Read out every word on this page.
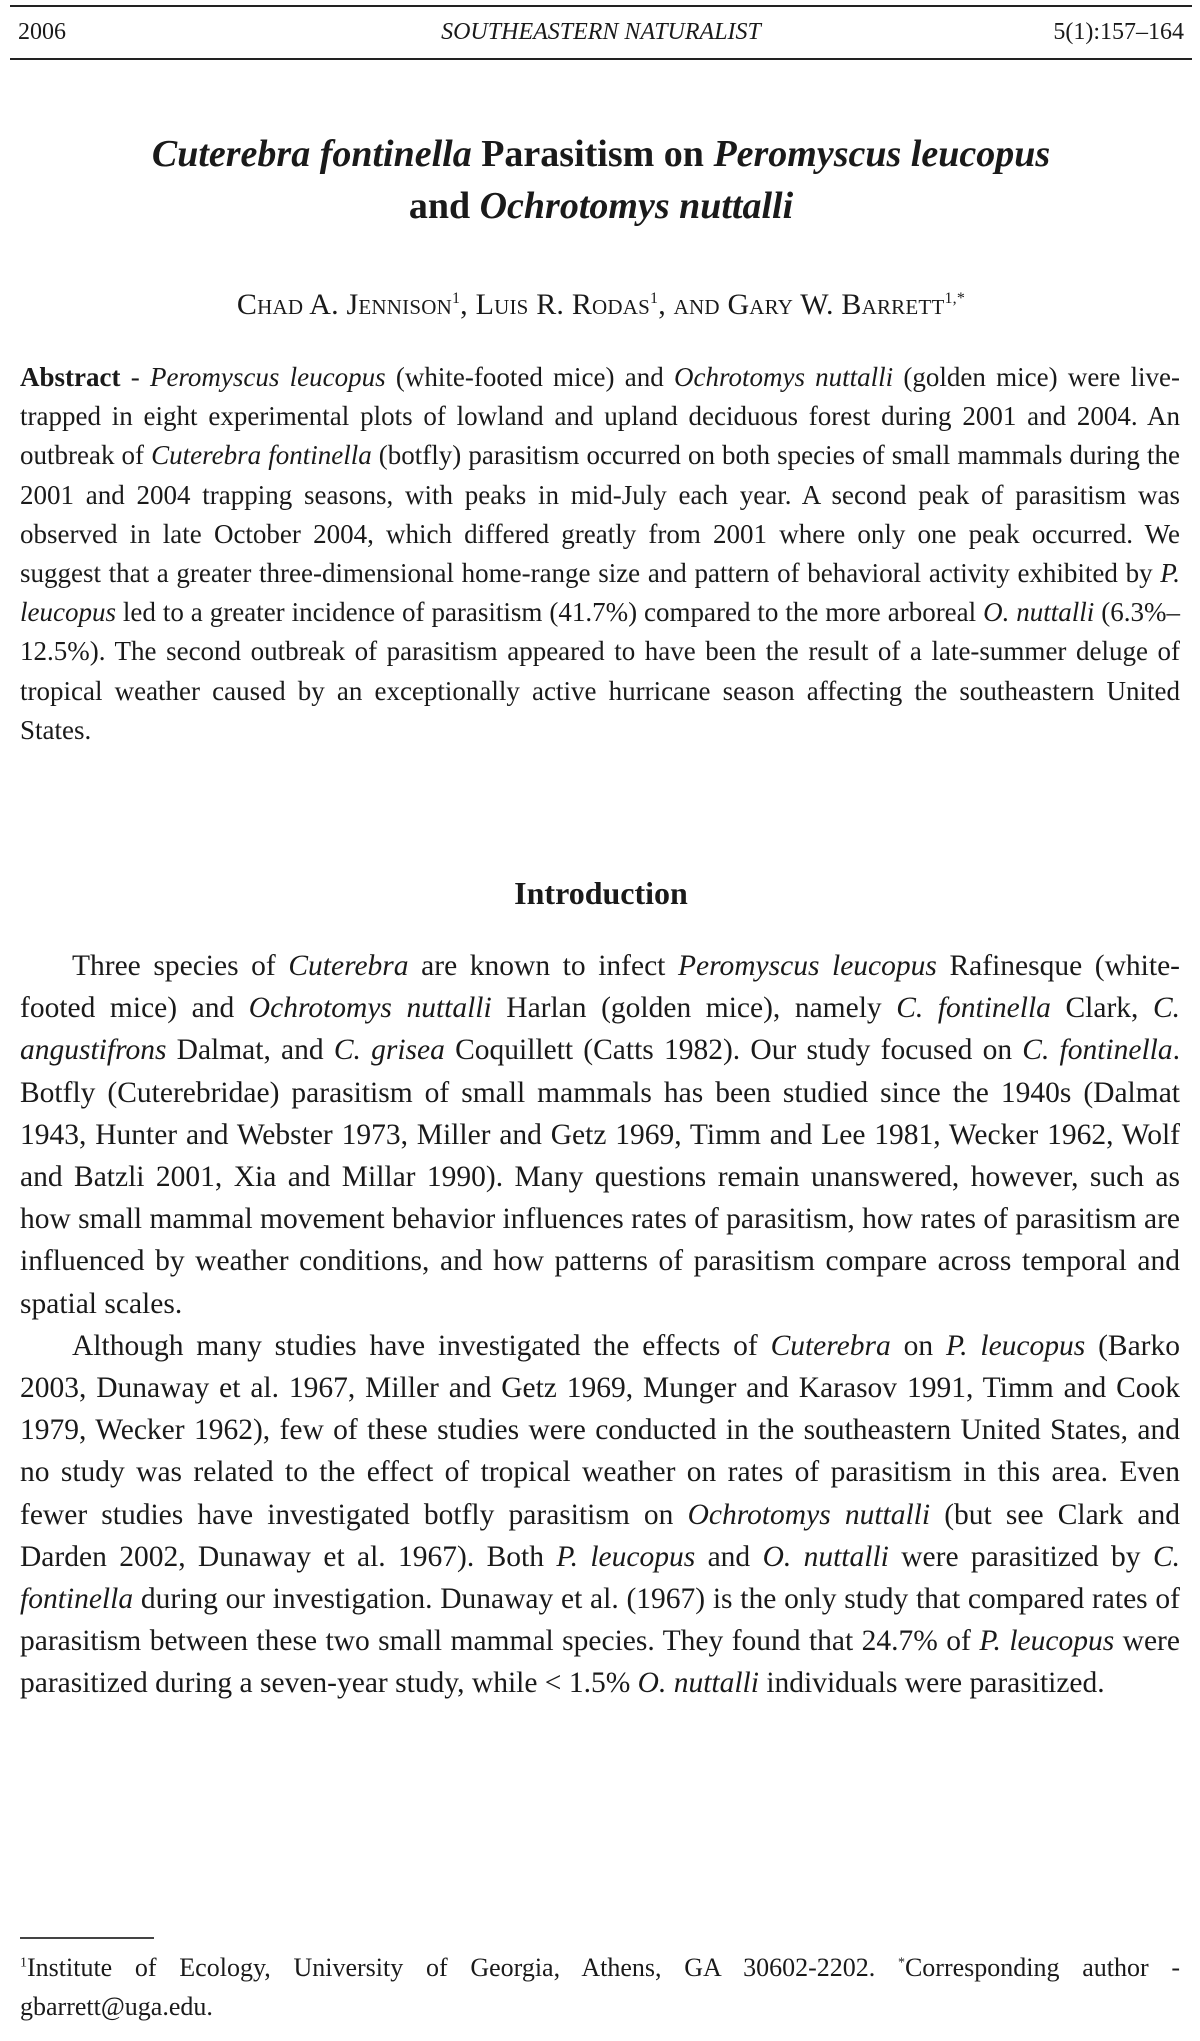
2006	SOUTHEASTERN NATURALIST	5(1):157–164
Cuterebra fontinella Parasitism on Peromyscus leucopus
and Ochrotomys nuttalli
Chad A. Jennison$^1$, Luis R. Rodas$^1$, and Gary W. Barrett$^{1,*}$
Abstract - Peromyscus leucopus (white-footed mice) and Ochrotomys nuttalli (golden mice) were live-trapped in eight experimental plots of lowland and upland deciduous forest during 2001 and 2004. An outbreak of Cuterebra fontinella (botfly) parasitism occurred on both species of small mammals during the 2001 and 2004 trapping seasons, with peaks in mid-July each year. A second peak of parasitism was observed in late October 2004, which differed greatly from 2001 where only one peak occurred. We suggest that a greater three-dimensional home-range size and pattern of behavioral activity exhibited by P. leucopus led to a greater incidence of parasitism (41.7%) compared to the more arboreal O. nuttalli (6.3%–12.5%). The second outbreak of parasitism appeared to have been the result of a late-summer deluge of tropical weather caused by an exceptionally active hurricane season affecting the southeastern United States.
Introduction

Three species of Cuterebra are known to infect Peromyscus leucopus Rafinesque (white-footed mice) and Ochrotomys nuttalli Harlan (golden mice), namely C. fontinella Clark, C. angustifrons Dalmat, and C. grisea Coquillett (Catts 1982). Our study focused on C. fontinella. Botfly (Cuterebridae) parasitism of small mammals has been studied since the 1940s (Dalmat 1943, Hunter and Webster 1973, Miller and Getz 1969, Timm and Lee 1981, Wecker 1962, Wolf and Batzli 2001, Xia and Millar 1990). Many questions remain unanswered, however, such as how small mammal movement behavior influences rates of parasitism, how rates of parasitism are influenced by weather conditions, and how patterns of parasitism compare across temporal and spatial scales.

Although many studies have investigated the effects of Cuterebra on P. leucopus (Barko 2003, Dunaway et al. 1967, Miller and Getz 1969, Munger and Karasov 1991, Timm and Cook 1979, Wecker 1962), few of these studies were conducted in the southeastern United States, and no study was related to the effect of tropical weather on rates of parasitism in this area. Even fewer studies have investigated botfly parasitism on Ochrotomys nuttalli (but see Clark and Darden 2002, Dunaway et al. 1967). Both P. leucopus and O. nuttalli were parasitized by C. fontinella during our investigation. Dunaway et al. (1967) is the only study that compared rates of parasitism between these two small mammal species. They found that 24.7% of P. leucopus were parasitized during a seven-year study, while < 1.5% O. nuttalli individuals were parasitized.

$^1$Institute of Ecology, University of Georgia, Athens, GA 30602-2202. *Corresponding author - gbarrett@uga.edu.
